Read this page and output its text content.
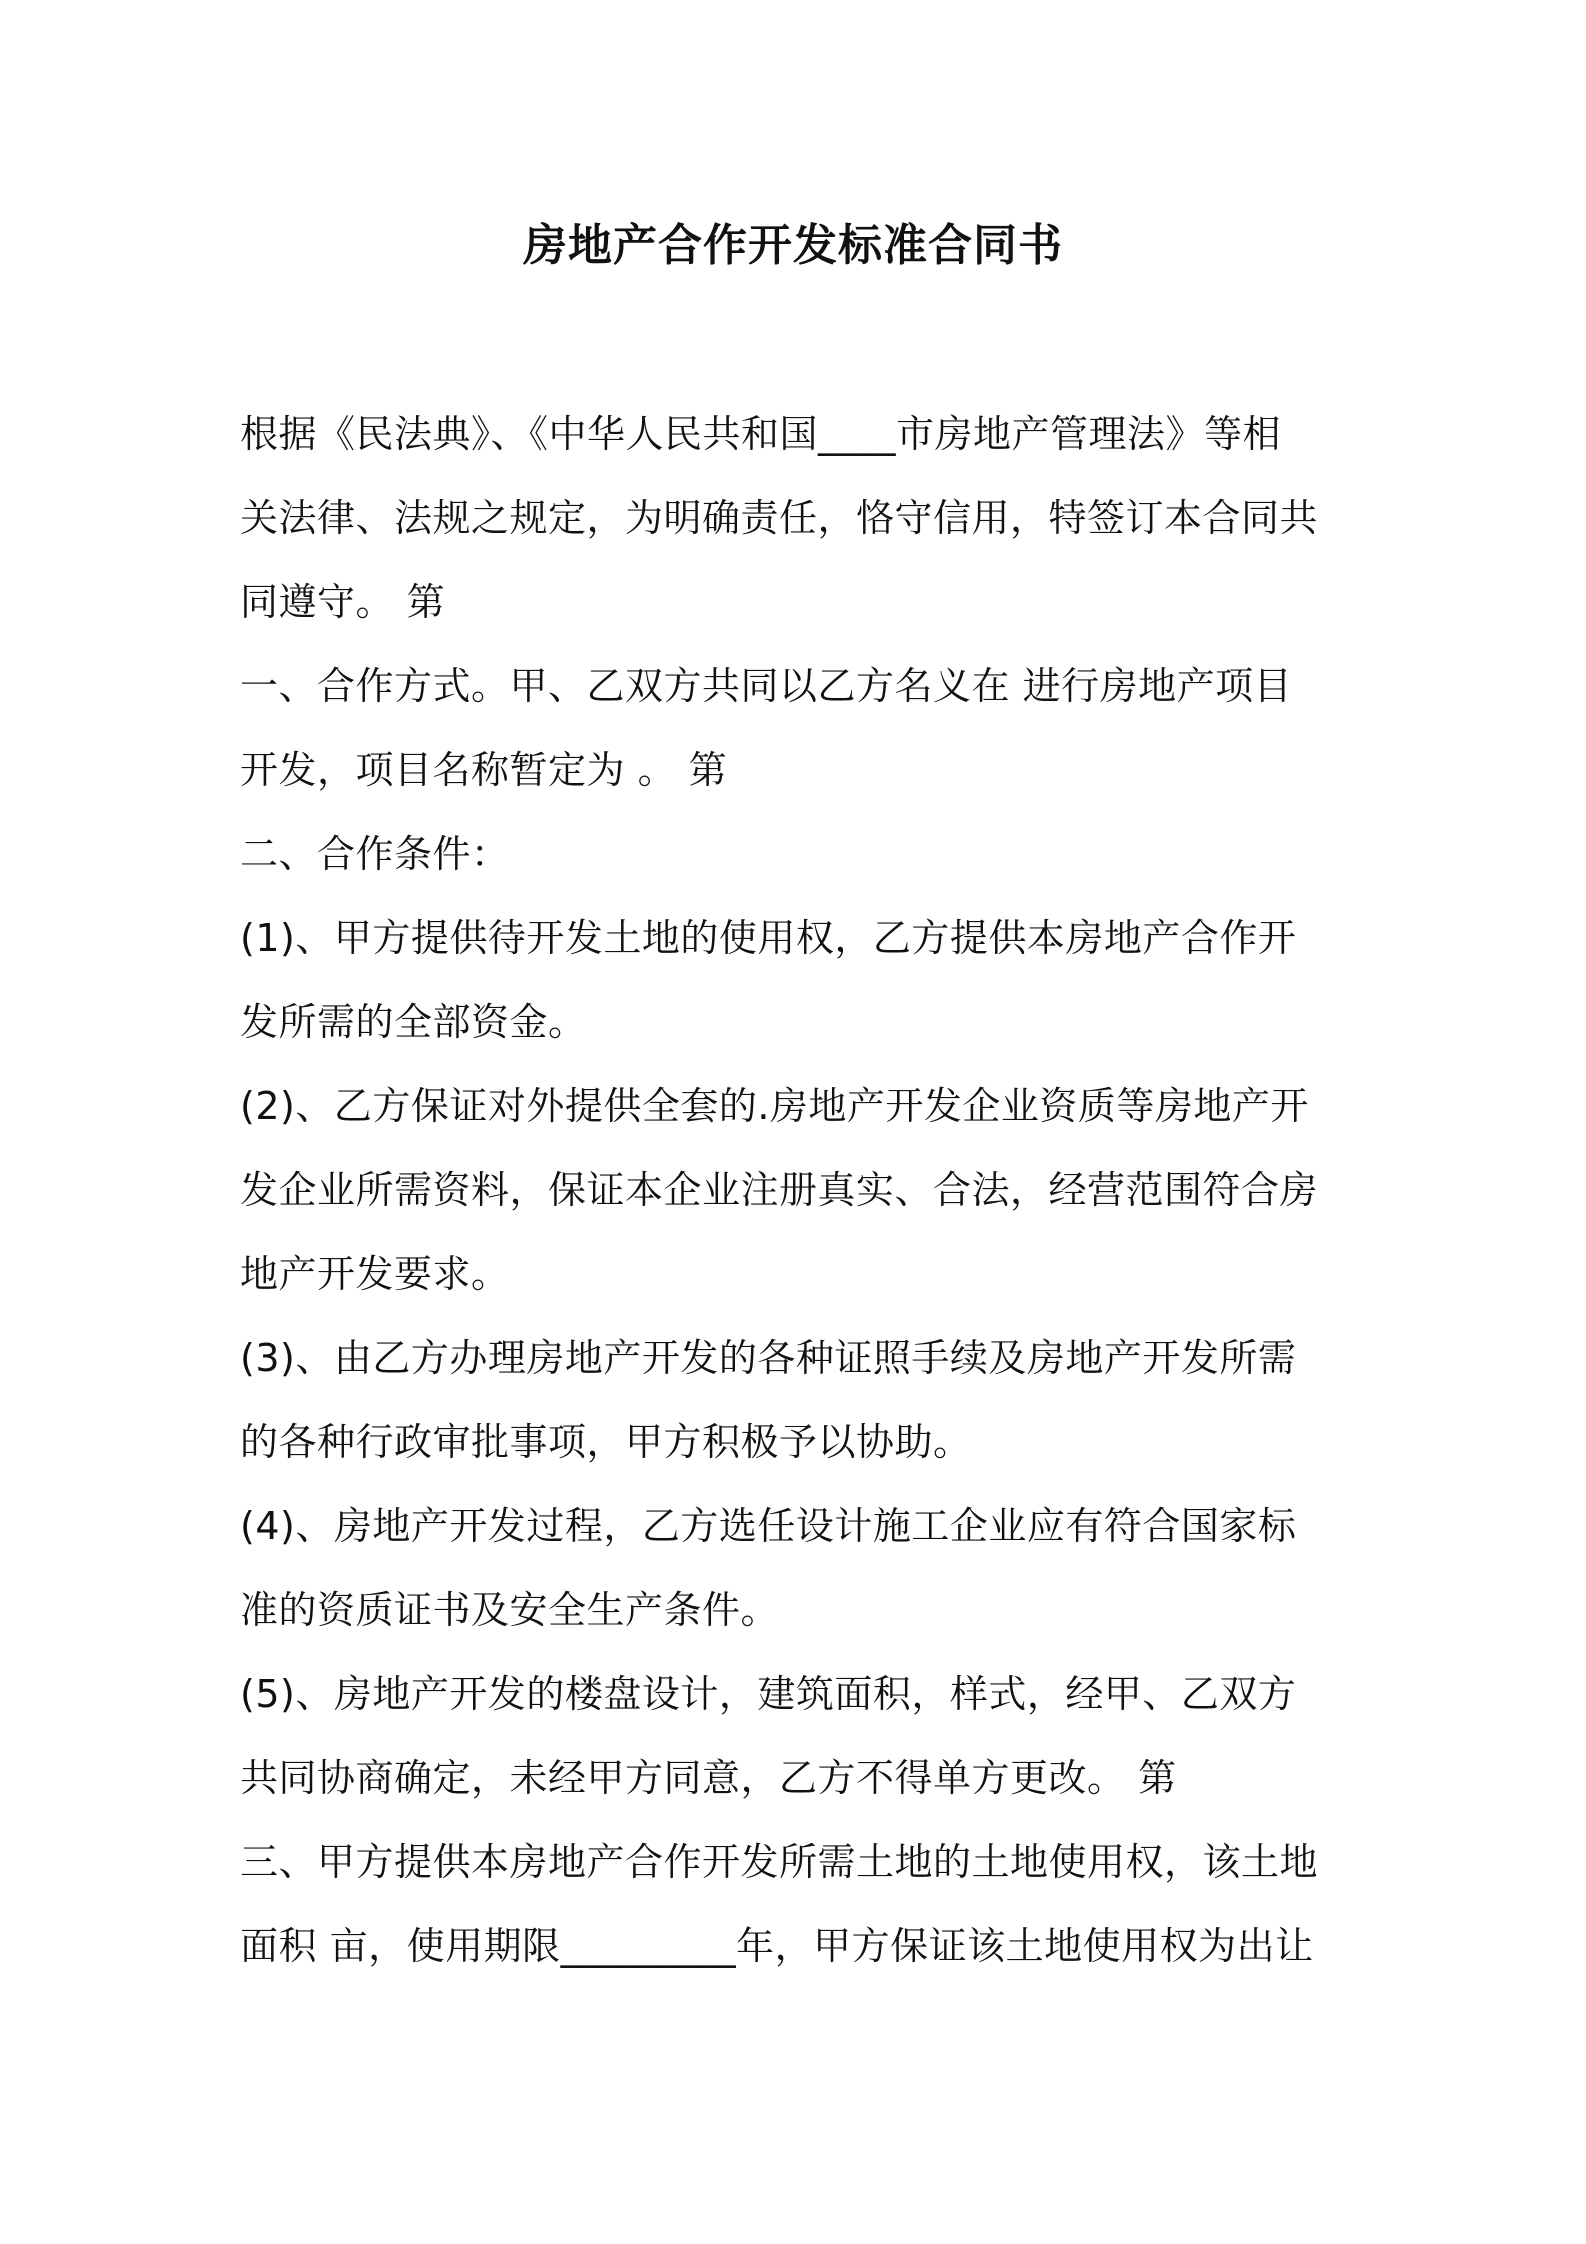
房地产合作开发标准合同书
根据《民法典》、《中华人民共和国____市房地产管理法》等相
关法律、法规之规定，为明确责任，恪守信用，特签订本合同共
同遵守。 第
一、合作方式。甲、乙双方共同以乙方名义在 进行房地产项目
开发，项目名称暂定为 。 第
二、合作条件：
(1)、甲方提供待开发土地的使用权，乙方提供本房地产合作开
发所需的全部资金。
(2)、乙方保证对外提供全套的.房地产开发企业资质等房地产开
发企业所需资料，保证本企业注册真实、合法，经营范围符合房
地产开发要求。
(3)、由乙方办理房地产开发的各种证照手续及房地产开发所需
的各种行政审批事项，甲方积极予以协助。
(4)、房地产开发过程，乙方选任设计施工企业应有符合国家标
准的资质证书及安全生产条件。
(5)、房地产开发的楼盘设计，建筑面积，样式，经甲、乙双方
共同协商确定，未经甲方同意，乙方不得单方更改。 第
三、甲方提供本房地产合作开发所需土地的土地使用权，该土地
面积 亩，使用期限_________年，甲方保证该土地使用权为出让
